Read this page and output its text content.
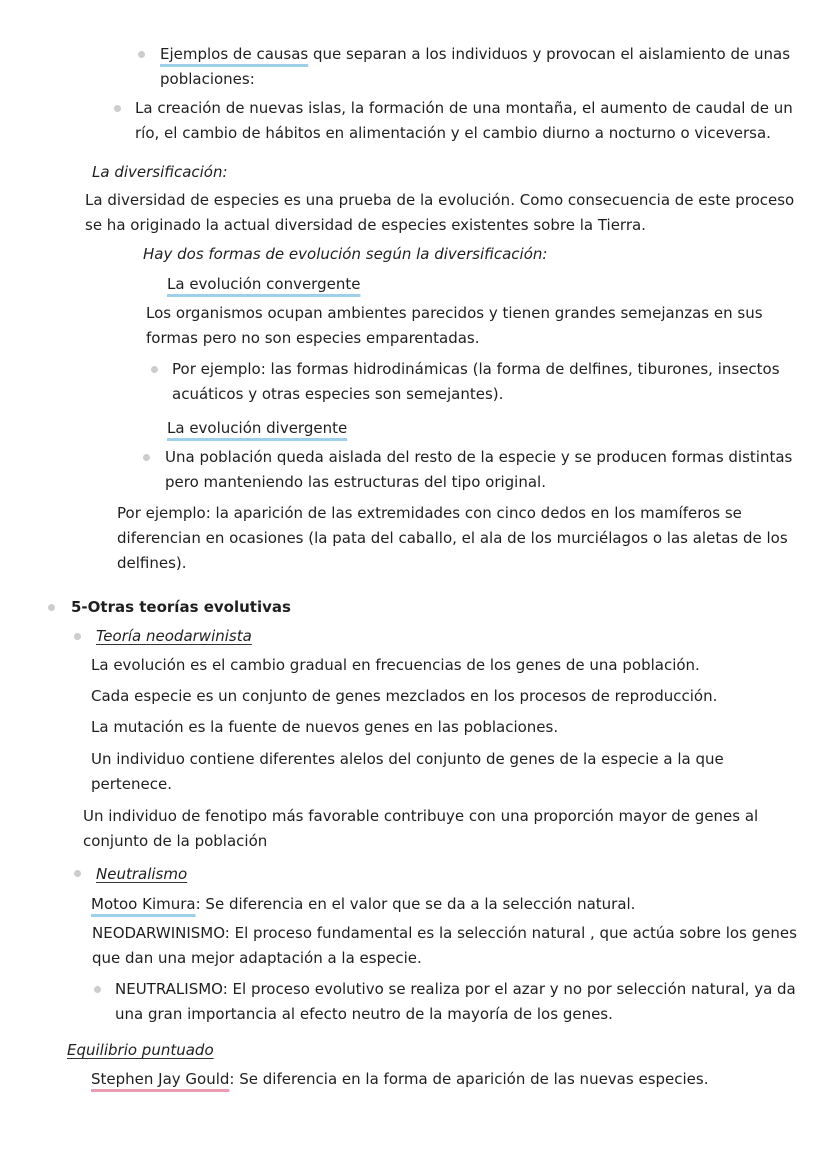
Ejemplos de causas que separan a los individuos y provocan el aislamiento de unas
poblaciones:
La creación de nuevas islas, la formación de una montaña, el aumento de caudal de un
río, el cambio de hábitos en alimentación y el cambio diurno a nocturno o viceversa.
La diversificación:
La diversidad de especies es una prueba de la evolución. Como consecuencia de este proceso
se ha originado la actual diversidad de especies existentes sobre la Tierra.
Hay dos formas de evolución según la diversificación:
La evolución convergente
Los organismos ocupan ambientes parecidos y tienen grandes semejanzas en sus
formas pero no son especies emparentadas.
Por ejemplo: las formas hidrodinámicas (la forma de delfines, tiburones, insectos
acuáticos y otras especies son semejantes).
La evolución divergente
Una población queda aislada del resto de la especie y se producen formas distintas
pero manteniendo las estructuras del tipo original.
Por ejemplo: la aparición de las extremidades con cinco dedos en los mamíferos se
diferencian en ocasiones (la pata del caballo, el ala de los murciélagos o las aletas de los
delfines).
5-Otras teorías evolutivas
Teoría neodarwinista
La evolución es el cambio gradual en frecuencias de los genes de una población.
Cada especie es un conjunto de genes mezclados en los procesos de reproducción.
La mutación es la fuente de nuevos genes en las poblaciones.
Un individuo contiene diferentes alelos del conjunto de genes de la especie a la que
pertenece.
Un individuo de fenotipo más favorable contribuye con una proporción mayor de genes al
conjunto de la población
Neutralismo
Motoo Kimura: Se diferencia en el valor que se da a la selección natural.
NEODARWINISMO: El proceso fundamental es la selección natural , que actúa sobre los genes
que dan una mejor adaptación a la especie.
NEUTRALISMO: El proceso evolutivo se realiza por el azar y no por selección natural, ya da
una gran importancia al efecto neutro de la mayoría de los genes.
Equilibrio puntuado
Stephen Jay Gould: Se diferencia en la forma de aparición de las nuevas especies.
